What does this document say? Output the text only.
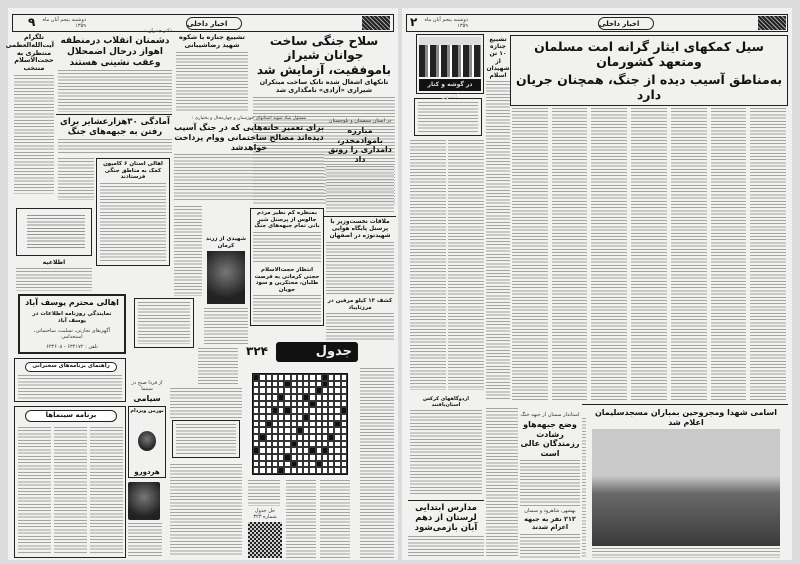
اخبار داخلی
۹ دوشنبه پنجم آبان ماه ۱۳۵۹
سلاح جنگی ساخت جوانان شیراز باموفقیت، آزمایش شد
تانکهای اشغال شده تانک ساخت مبتکران شیرازی «آزادی» نامگذاری شد
دکتر چمران :
دشمنان انقلاب درمنطقه اهواز درحال اضمحلال وعقب نشینی هستند
تشییع جنازه با شکوه شهید رضاشیبانی
تلگرام آیت‌الله‌العظمی منتظری به حجت‌الاسلام منتخب
آمادگی ۳۰هزارعشایر برای رفتن به جبهه‌های جنگ
اهالی استان ۶ کامیون کمک به مناطق جنگی فرستادند
اطلاعیه
مسئول بنیاد شهید استانهای خوزستان و چهارمحال و بختیاری :
برای تعمیر خانه‌هایی که در جنگ آسیب دیده‌اند مصالح ساختمانی ووام پرداخت خواهدشد
در استان سیستان و بلوچستان
مبارزه باموادمخدر، دامداری را رونق داد
ملاقات نخست‌وزیر با پرسنل پایگاه هوایی شهیدنوژه در اصفهان
کشف ۱۳ کیلو مرفین در مرزتایباد
بمنظره کم نظیر مردم جالوس از پرسنل شیر بانی تمام جبهه‌های جنگ
انتظار حجت‌الاسلام حجتی کرمانی به فرصت طلبان، محتکرین و سود جویان
شهیدی از زرند کرمان
اهالی محترم یوسف آباد
نمایندگی روزنامه اطلاعات در یوسف آباد
آگهی‌های تجارتی، تسلیت، ساختمانی، استخدامی
تلفن : ۶۳۴۱۷۲ - ۶۳۴۶۰۸
راهنمای برنامه‌های سخنرانی
برنامه سینماها
از فردا صبح در سینما
سیامی
نورمن ویزدام
هردورو
جدول
۳۲۴
حل جدول شماره ۳۲۳
اخبار داخلی
۲ دوشنبه پنجم آبان ماه ۱۳۵۹
سیل کمکهای ایثار گرانه امت مسلمان ومتعهد کشورمان
به‌مناطق آسیب دیده از جنگ، همچنان جریان دارد
در گوشه و کنار کشور
تشییع جنازه ۱۰ تن از شهیدان اسلام
اسامی شهدا ومجروحین بمباران مسجدسلیمان اعلام شد
استاندار سمنان از جبهه جنگ
وضع جبهه‌هاو رشادت رزمندگان عالی است
بهشهر، شاهرود و سمنان
۲۱۲ نفر به جبهه اعزام شدند
اردوگاههای کرکس استان‌یافتند
مدارس ابتدایی لرستان از دهم آبان بازمی‌شود
